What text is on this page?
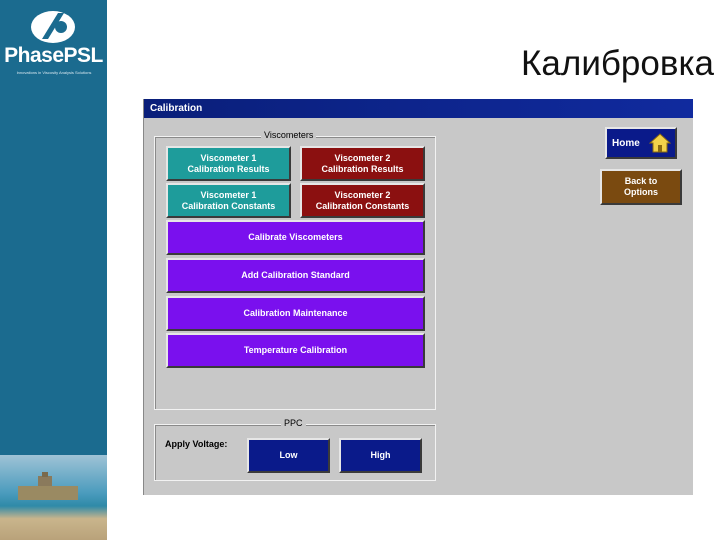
PhasePSL
Innovations in Viscosity Analysis Solutions	Калибровка
Calibration
Viscometers
Viscometer 1
Calibration Results
Viscometer 2
Calibration Results
Viscometer 1
Calibration Constants
Viscometer 2
Calibration Constants
Calibrate Viscometers
Add Calibration Standard
Calibration Maintenance
Temperature Calibration
PPC
Apply Voltage:
Low	High
Home
Back to
Options
